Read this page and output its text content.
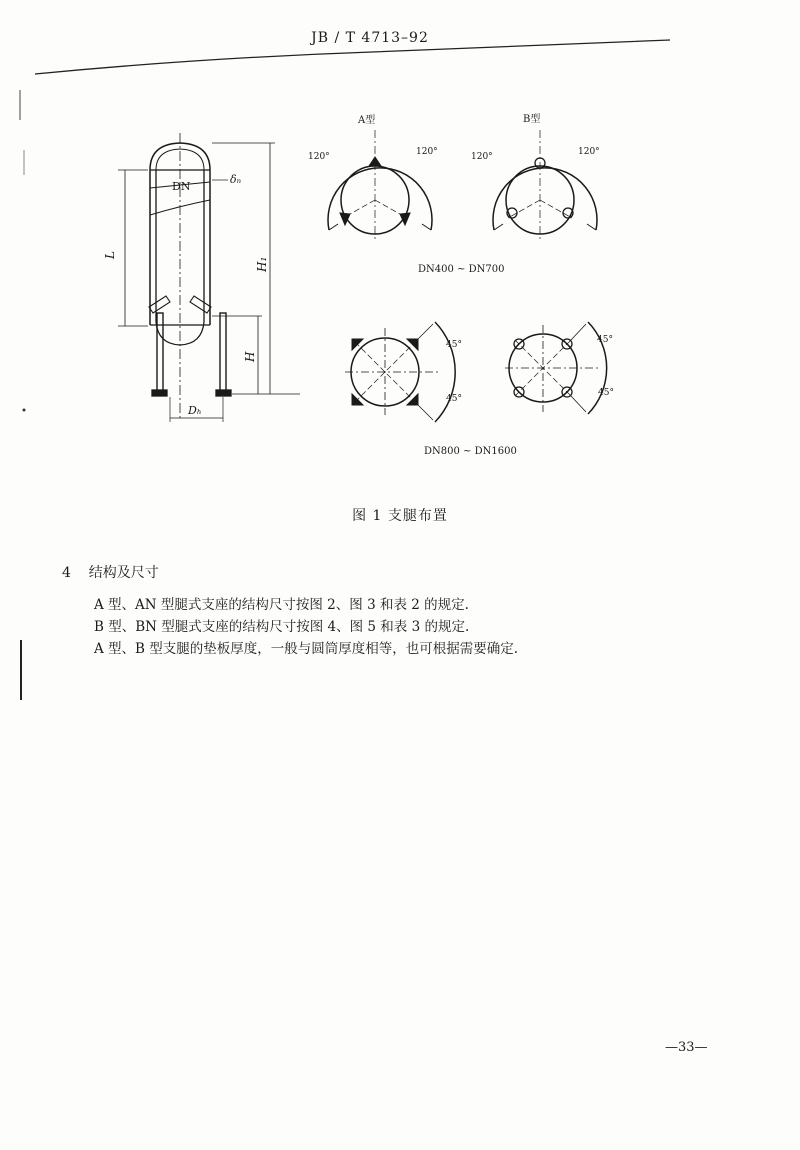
JB / T 4713–92
DN
δₙ
L
H₁
H
Dₕ
A型
120°	120°
B型
120°	120°
DN400 ~ DN700
45°
45°
45°
45°
DN800 ~ DN1600
图 1 支腿布置
4 结构及尺寸
A 型、AN 型腿式支座的结构尺寸按图 2、图 3 和表 2 的规定.
B 型、BN 型腿式支座的结构尺寸按图 4、图 5 和表 3 的规定.
A 型、B 型支腿的垫板厚度，一般与圆筒厚度相等，也可根据需要确定.
—33—
